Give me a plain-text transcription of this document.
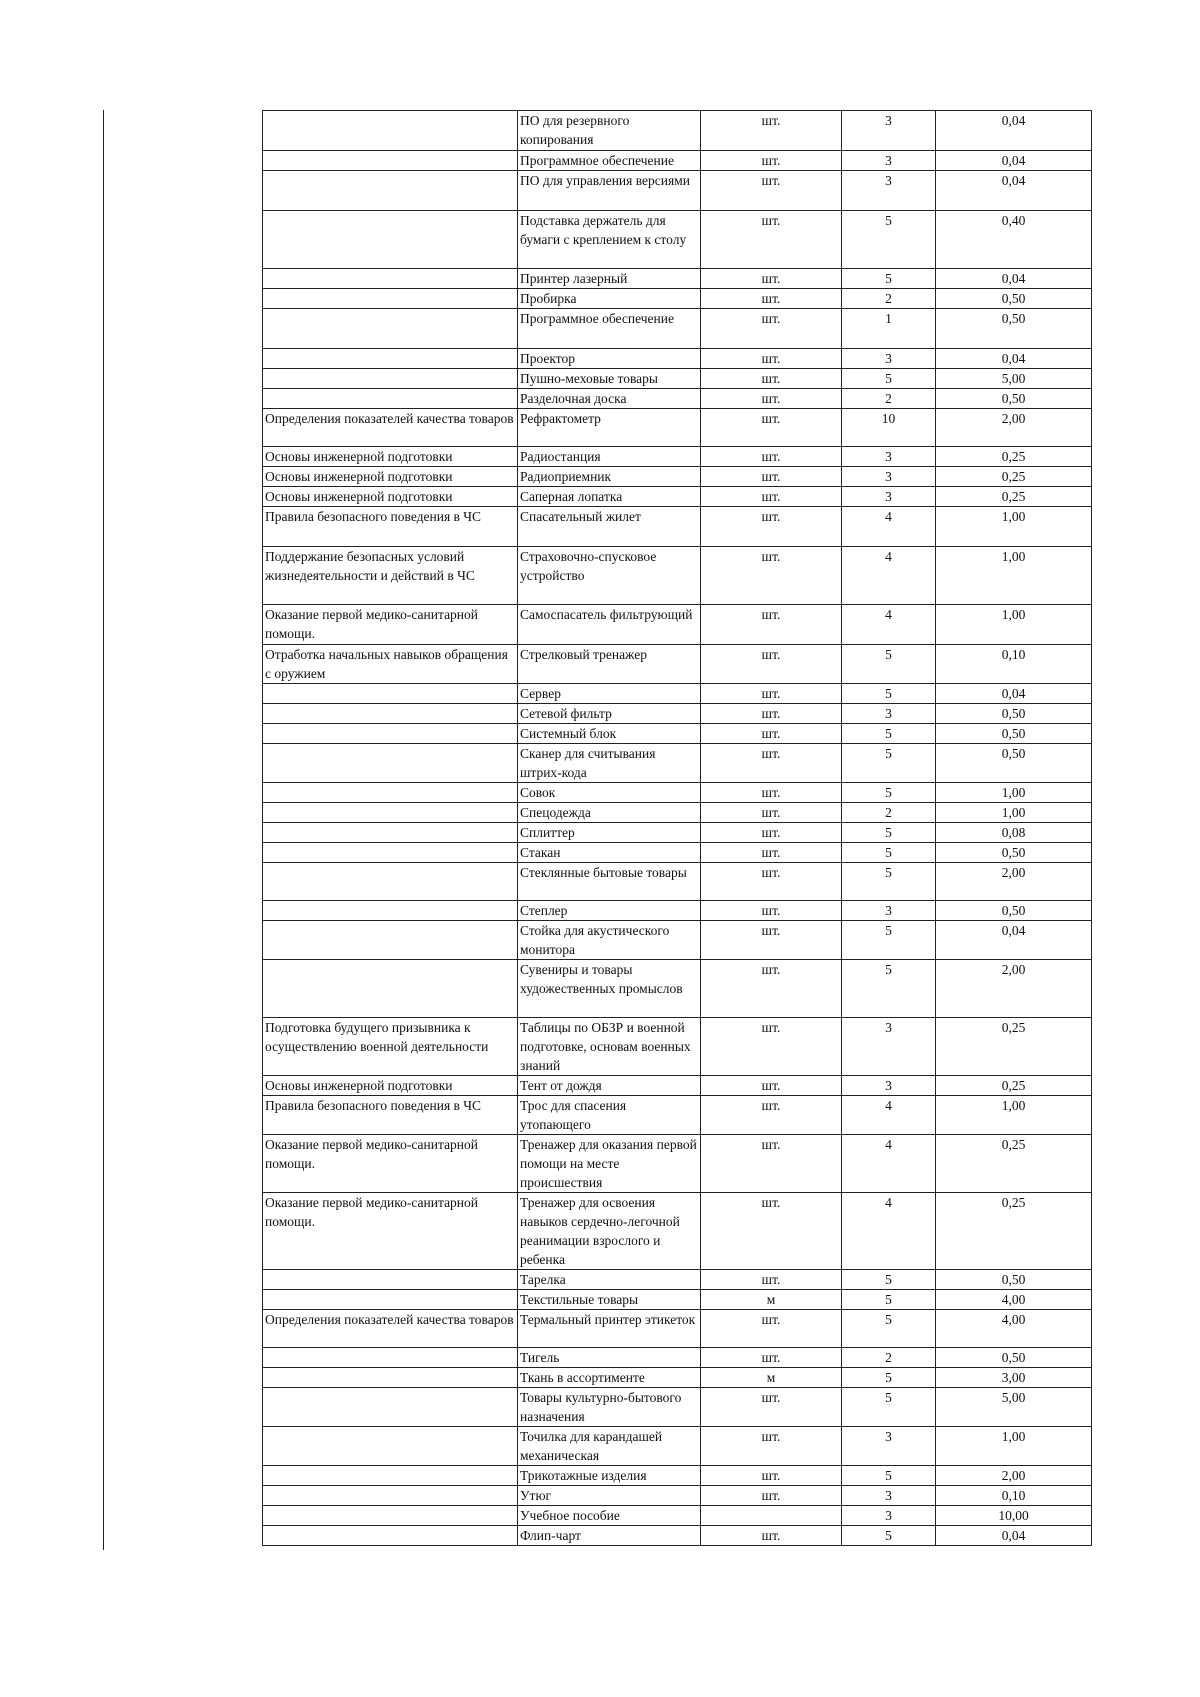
	ПО для резервного копирования	шт.	3	0,04
	Программное обеспечение	шт.	3	0,04
	ПО для управления версиями	шт.	3	0,04
	Подставка держатель для бумаги с креплением к столу	шт.	5	0,40
	Принтер лазерный	шт.	5	0,04
	Пробирка	шт.	2	0,50
	Программное обеспечение	шт.	1	0,50
	Проектор	шт.	3	0,04
	Пушно-меховые товары	шт.	5	5,00
	Разделочная доска	шт.	2	0,50
Определения показателей качества товаров	Рефрактометр	шт.	10	2,00
Основы инженерной подготовки	Радиостанция	шт.	3	0,25
Основы инженерной подготовки	Радиоприемник	шт.	3	0,25
Основы инженерной подготовки	Саперная лопатка	шт.	3	0,25
Правила безопасного поведения в ЧС	Спасательный жилет	шт.	4	1,00
Поддержание безопасных условий жизнедеятельности и действий в ЧС	Страховочно-спусковое устройство	шт.	4	1,00
Оказание первой медико-санитарной помощи.	Самоспасатель фильтрующий	шт.	4	1,00
Отработка начальных навыков обращения с оружием	Стрелковый тренажер	шт.	5	0,10
	Сервер	шт.	5	0,04
	Сетевой фильтр	шт.	3	0,50
	Системный блок	шт.	5	0,50
	Сканер для считывания штрих-кода	шт.	5	0,50
	Совок	шт.	5	1,00
	Спецодежда	шт.	2	1,00
	Сплиттер	шт.	5	0,08
	Стакан	шт.	5	0,50
	Стеклянные бытовые товары	шт.	5	2,00
	Степлер	шт.	3	0,50
	Стойка для акустического монитора	шт.	5	0,04
	Сувениры и товары художественных промыслов	шт.	5	2,00
Подготовка будущего призывника к осуществлению военной деятельности	Таблицы по ОБЗР и военной подготовке, основам военных знаний	шт.	3	0,25
Основы инженерной подготовки	Тент от дождя	шт.	3	0,25
Правила безопасного поведения в ЧС	Трос для спасения утопающего	шт.	4	1,00
Оказание первой медико-санитарной помощи.	Тренажер для оказания первой помощи на месте происшествия	шт.	4	0,25
Оказание первой медико-санитарной помощи.	Тренажер для освоения навыков сердечно-легочной реанимации взрослого и ребенка	шт.	4	0,25
	Тарелка	шт.	5	0,50
	Текстильные товары	м	5	4,00
Определения показателей качества товаров	Термальный принтер этикеток	шт.	5	4,00
	Тигель	шт.	2	0,50
	Ткань в ассортименте	м	5	3,00
	Товары культурно-бытового назначения	шт.	5	5,00
	Точилка для карандашей механическая	шт.	3	1,00
	Трикотажные изделия	шт.	5	2,00
	Утюг	шт.	3	0,10
	Учебное пособие		3	10,00
	Флип-чарт	шт.	5	0,04
